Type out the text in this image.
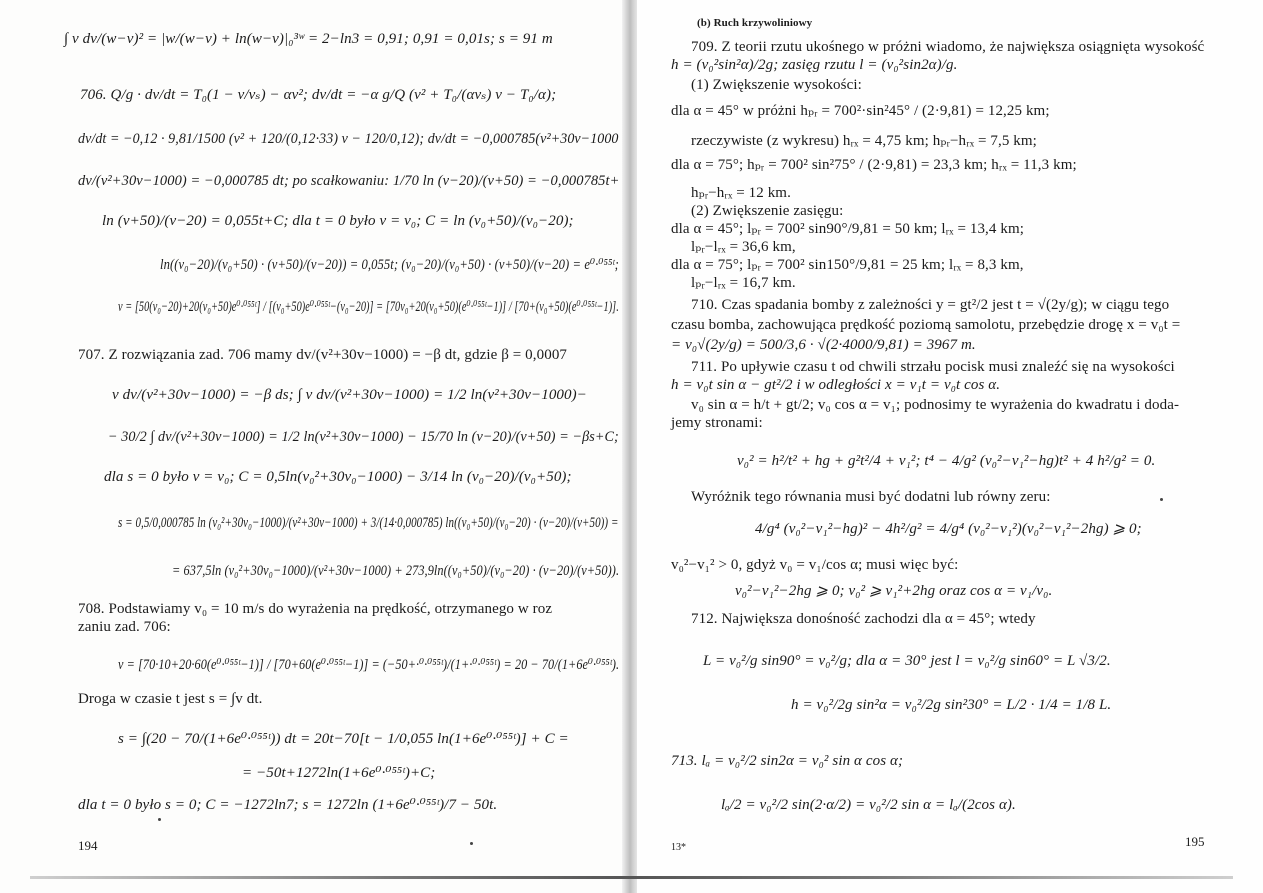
∫ v dv/(w−v)² = |w/(w−v) + ln(w−v)|₀³ʷ = 2−ln3 = 0,91; 0,91 = 0,01s; s = 91 m
706. Q/g · dv/dt = T₀(1 − v/vₛ) − αv²; dv/dt = −α g/Q (v² + T₀/(αvₛ) v − T₀/α);
dv/dt = −0,12 · 9,81/1500 (v² + 120/(0,12·33) v − 120/0,12); dv/dt = −0,000785(v²+30v−1000
dv/(v²+30v−1000) = −0,000785 dt; po scałkowaniu: 1/70 ln (v−20)/(v+50) = −0,000785t+
ln (v+50)/(v−20) = 0,055t+C; dla t = 0 było v = v₀; C = ln (v₀+50)/(v₀−20);
ln((v₀−20)/(v₀+50) · (v+50)/(v−20)) = 0,055t; (v₀−20)/(v₀+50) · (v+50)/(v−20) = e⁰·⁰⁵⁵ᵗ;
v = [50(v₀−20)+20(v₀+50)e⁰·⁰⁵⁵ᵗ] / [(v₀+50)e⁰·⁰⁵⁵ᵗ−(v₀−20)] = [70v₀+20(v₀+50)(e⁰·⁰⁵⁵ᵗ−1)] / [70+(v₀+50)(e⁰·⁰⁵⁵ᵗ−1)].
707. Z rozwiązania zad. 706 mamy dv/(v²+30v−1000) = −β dt, gdzie β = 0,0007
v dv/(v²+30v−1000) = −β ds; ∫ v dv/(v²+30v−1000) = 1/2 ln(v²+30v−1000)−
− 30/2 ∫ dv/(v²+30v−1000) = 1/2 ln(v²+30v−1000) − 15/70 ln (v−20)/(v+50) = −βs+C;
dla s = 0 było v = v₀; C = 0,5ln(v₀²+30v₀−1000) − 3/14 ln (v₀−20)/(v₀+50);
s = 0,5/0,000785 ln (v₀²+30v₀−1000)/(v²+30v−1000) + 3/(14·0,000785) ln((v₀+50)/(v₀−20) · (v−20)/(v+50)) =
= 637,5ln (v₀²+30v₀−1000)/(v²+30v−1000) + 273,9ln((v₀+50)/(v₀−20) · (v−20)/(v+50)).
708. Podstawiamy v₀ = 10 m/s do wyrażenia na prędkość, otrzymanego w roz
zaniu zad. 706:
v = [70·10+20·60(e⁰·⁰⁵⁵ᵗ−1)] / [70+60(e⁰·⁰⁵⁵ᵗ−1)] = (−50+·⁰·⁰⁵⁵ᵗ)/(1+·⁰·⁰⁵⁵ᵗ) = 20 − 70/(1+6e⁰·⁰⁵⁵ᵗ).
Droga w czasie t jest s = ∫v dt.
s = ∫(20 − 70/(1+6e⁰·⁰⁵⁵ᵗ)) dt = 20t−70[t − 1/0,055 ln(1+6e⁰·⁰⁵⁵ᵗ)] + C =
= −50t+1272ln(1+6e⁰·⁰⁵⁵ᵗ)+C;
dla t = 0 było s = 0; C = −1272ln7; s = 1272ln (1+6e⁰·⁰⁵⁵ᵗ)/7 − 50t.
194
(b) Ruch krzywoliniowy
709. Z teorii rzutu ukośnego w próżni wiadomo, że największa osiągnięta wysokość
h = (v₀²sin²α)/2g; zasięg rzutu l = (v₀²sin2α)/g.
(1) Zwiększenie wysokości:
dla α = 45° w próżni hₚᵣ = 700²·sin²45° / (2·9,81) = 12,25 km;
rzeczywiste (z wykresu) hᵣₓ = 4,75 km; hₚᵣ−hᵣₓ = 7,5 km;
dla α = 75°; hₚᵣ = 700² sin²75° / (2·9,81) = 23,3 km; hᵣₓ = 11,3 km;
hₚᵣ−hᵣₓ = 12 km.
(2) Zwiększenie zasięgu:
dla α = 45°; lₚᵣ = 700² sin90°/9,81 = 50 km; lᵣₓ = 13,4 km;
lₚᵣ−lᵣₓ = 36,6 km,
dla α = 75°; lₚᵣ = 700² sin150°/9,81 = 25 km; lᵣₓ = 8,3 km,
lₚᵣ−lᵣₓ = 16,7 km.
710. Czas spadania bomby z zależności y = gt²/2 jest t = √(2y/g); w ciągu tego
czasu bomba, zachowująca prędkość poziomą samolotu, przebędzie drogę x = v₀t =
= v₀√(2y/g) = 500/3,6 · √(2·4000/9,81) = 3967 m.
711. Po upływie czasu t od chwili strzału pocisk musi znaleźć się na wysokości
h = v₀t sin α − gt²/2 i w odległości x = v₁t = v₀t cos α.
v₀ sin α = h/t + gt/2; v₀ cos α = v₁; podnosimy te wyrażenia do kwadratu i doda-
jemy stronami:
v₀² = h²/t² + hg + g²t²/4 + v₁²; t⁴ − 4/g² (v₀²−v₁²−hg)t² + 4 h²/g² = 0.
Wyróżnik tego równania musi być dodatni lub równy zeru:
4/g⁴ (v₀²−v₁²−hg)² − 4h²/g² = 4/g⁴ (v₀²−v₁²)(v₀²−v₁²−2hg) ⩾ 0;
v₀²−v₁² > 0, gdyż v₀ = v₁/cos α; musi więc być:
v₀²−v₁²−2hg ⩾ 0; v₀² ⩾ v₁²+2hg oraz cos α = v₁/v₀.
712. Największa donośność zachodzi dla α = 45°; wtedy
L = v₀²/g sin90° = v₀²/g; dla α = 30° jest l = v₀²/g sin60° = L √3/2.
h = v₀²/2g sin²α = v₀²/2g sin²30° = L/2 · 1/4 = 1/8 L.
713. lₐ = v₀²/2 sin2α = v₀² sin α cos α;
lₐ/2 = v₀²/2 sin(2·α/2) = v₀²/2 sin α = lₐ/(2cos α).
13*	195
